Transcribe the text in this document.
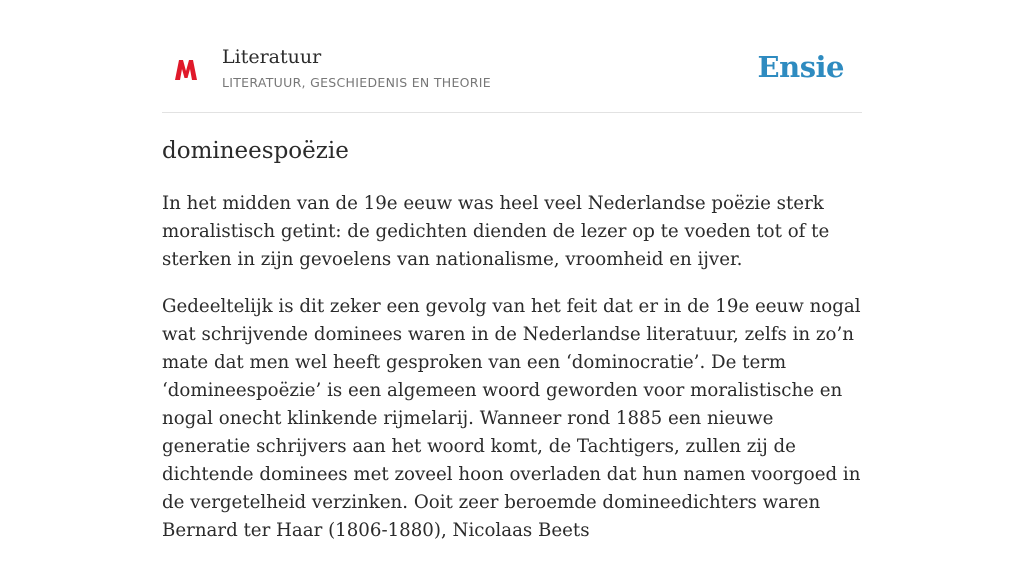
Literatuur
LITERATUUR, GESCHIEDENIS EN THEORIE	Ensie
domineespoëzie

In het midden van de 19e eeuw was heel veel Nederlandse poëzie sterk moralistisch getint: de gedichten dienden de lezer op te voeden tot of te sterken in zijn gevoelens van nationalisme, vroomheid en ijver.

Gedeeltelijk is dit zeker een gevolg van het feit dat er in de 19e eeuw nogal wat schrijvende dominees waren in de Nederlandse literatuur, zelfs in zo’n mate dat men wel heeft gesproken van een ‘dominocratie’. De term ‘domineespoëzie’ is een algemeen woord geworden voor moralistische en nogal onecht klinkende rijmelarij. Wanneer rond 1885 een nieuwe generatie schrijvers aan het woord komt, de Tachtigers, zullen zij de dichtende dominees met zoveel hoon overladen dat hun namen voorgoed in de vergetelheid verzinken. Ooit zeer beroemde domineedichters waren Bernard ter Haar (1806-1880), Nicolaas Beets
